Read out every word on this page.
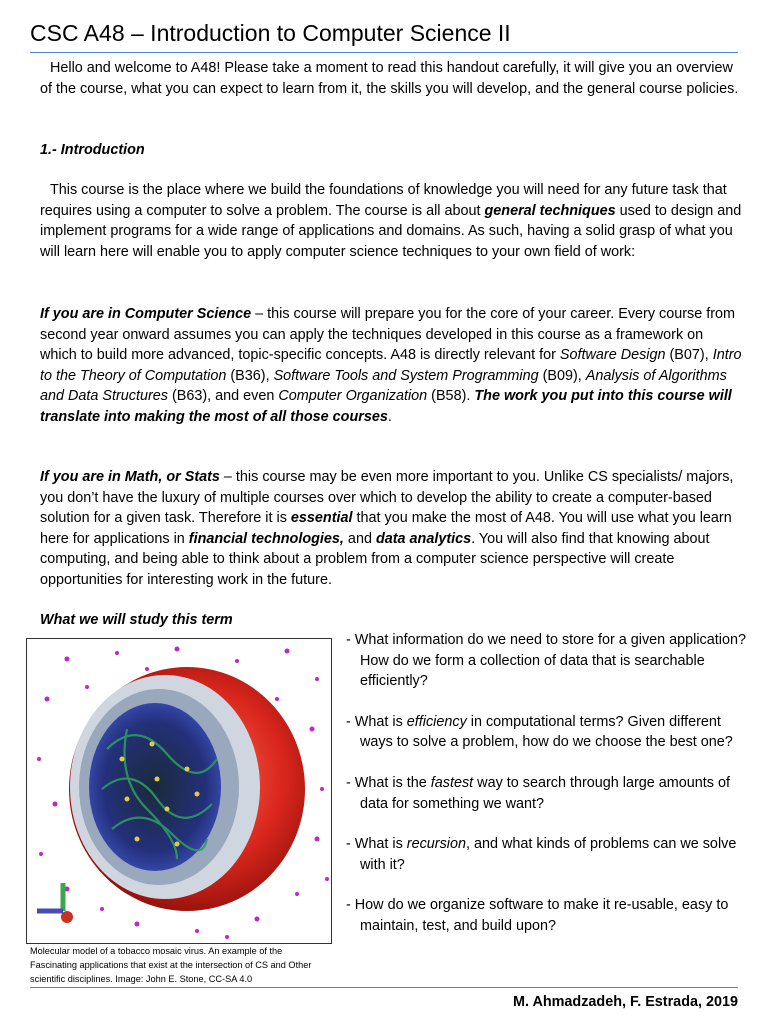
CSC A48 – Introduction to Computer Science II

Hello and welcome to A48! Please take a moment to read this handout carefully, it will give you an overview of the course, what you can expect to learn from it, the skills you will develop, and the general course policies.

1.- Introduction

This course is the place where we build the foundations of knowledge you will need for any future task that requires using a computer to solve a problem. The course is all about general techniques used to design and implement programs for a wide range of applications and domains. As such, having a solid grasp of what you will learn here will enable you to apply computer science techniques to your own field of work:

If you are in Computer Science – this course will prepare you for the core of your career. Every course from second year onward assumes you can apply the techniques developed in this course as a framework on which to build more advanced, topic-specific concepts. A48 is directly relevant for Software Design (B07), Intro to the Theory of Computation (B36), Software Tools and System Programming (B09), Analysis of Algorithms and Data Structures (B63), and even Computer Organization (B58). The work you put into this course will translate into making the most of all those courses.

If you are in Math, or Stats – this course may be even more important to you. Unlike CS specialists/ majors, you don’t have the luxury of multiple courses over which to develop the ability to create a computer-based solution for a given task. Therefore it is essential that you make the most of A48. You will use what you learn here for applications in financial technologies, and data analytics. You will also find that knowing about computing, and being able to think about a problem from a computer science perspective will create opportunities for interesting work in the future.

What we will study this term

Molecular model of a tobacco mosaic virus. An example of the Fascinating applications that exist at the intersection of CS and Other scientific disciplines. Image: John E. Stone, CC-SA 4.0

- What information do we need to store for a given application? How do we form a collection of data that is searchable efficiently?
- What is efficiency in computational terms? Given different ways to solve a problem, how do we choose the best one?
- What is the fastest way to search through large amounts of data for something we want?
- What is recursion, and what kinds of problems can we solve with it?
- How do we organize software to make it re-usable, easy to maintain, test, and build upon?

M. Ahmadzadeh, F. Estrada, 2019
